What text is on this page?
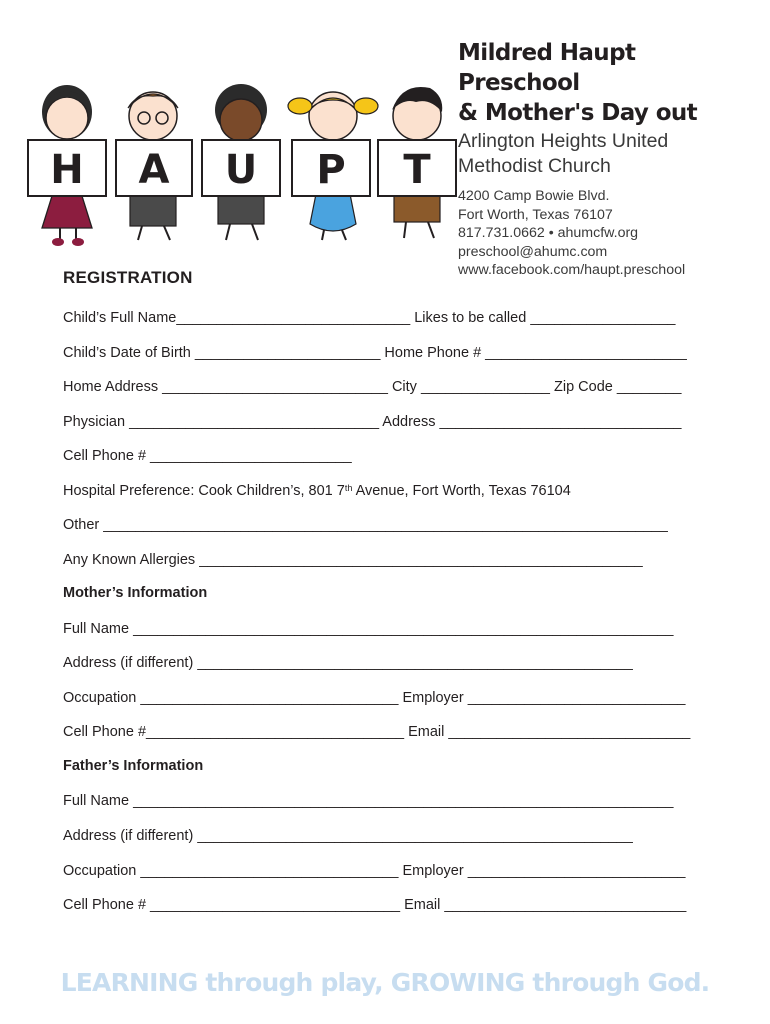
H A U P T
Mildred Haupt Preschool
& Mother's Day out
Arlington Heights United
Methodist Church
4200 Camp Bowie Blvd.
Fort Worth, Texas 76107
817.731.0662 • ahumcfw.org
preschool@ahumc.com
www.facebook.com/haupt.preschool
REGISTRATION
Child’s Full Name_____________________________ Likes to be called __________________
Child’s Date of Birth _______________________ Home Phone # _________________________
Home Address ____________________________ City ________________ Zip Code ________
Physician _______________________________ Address ______________________________
Cell Phone # _________________________
Hospital Preference: Cook Children’s, 801 7th Avenue, Fort Worth, Texas 76104
Other ______________________________________________________________________
Any Known Allergies _______________________________________________________
Mother’s Information
Full Name ___________________________________________________________________
Address (if different) ______________________________________________________
Occupation ________________________________ Employer ___________________________
Cell Phone #________________________________ Email ______________________________
Father’s Information
Full Name ___________________________________________________________________
Address (if different) ______________________________________________________
Occupation ________________________________ Employer ___________________________
Cell Phone # _______________________________ Email ______________________________
LEARNING through play, GROWING through God.
